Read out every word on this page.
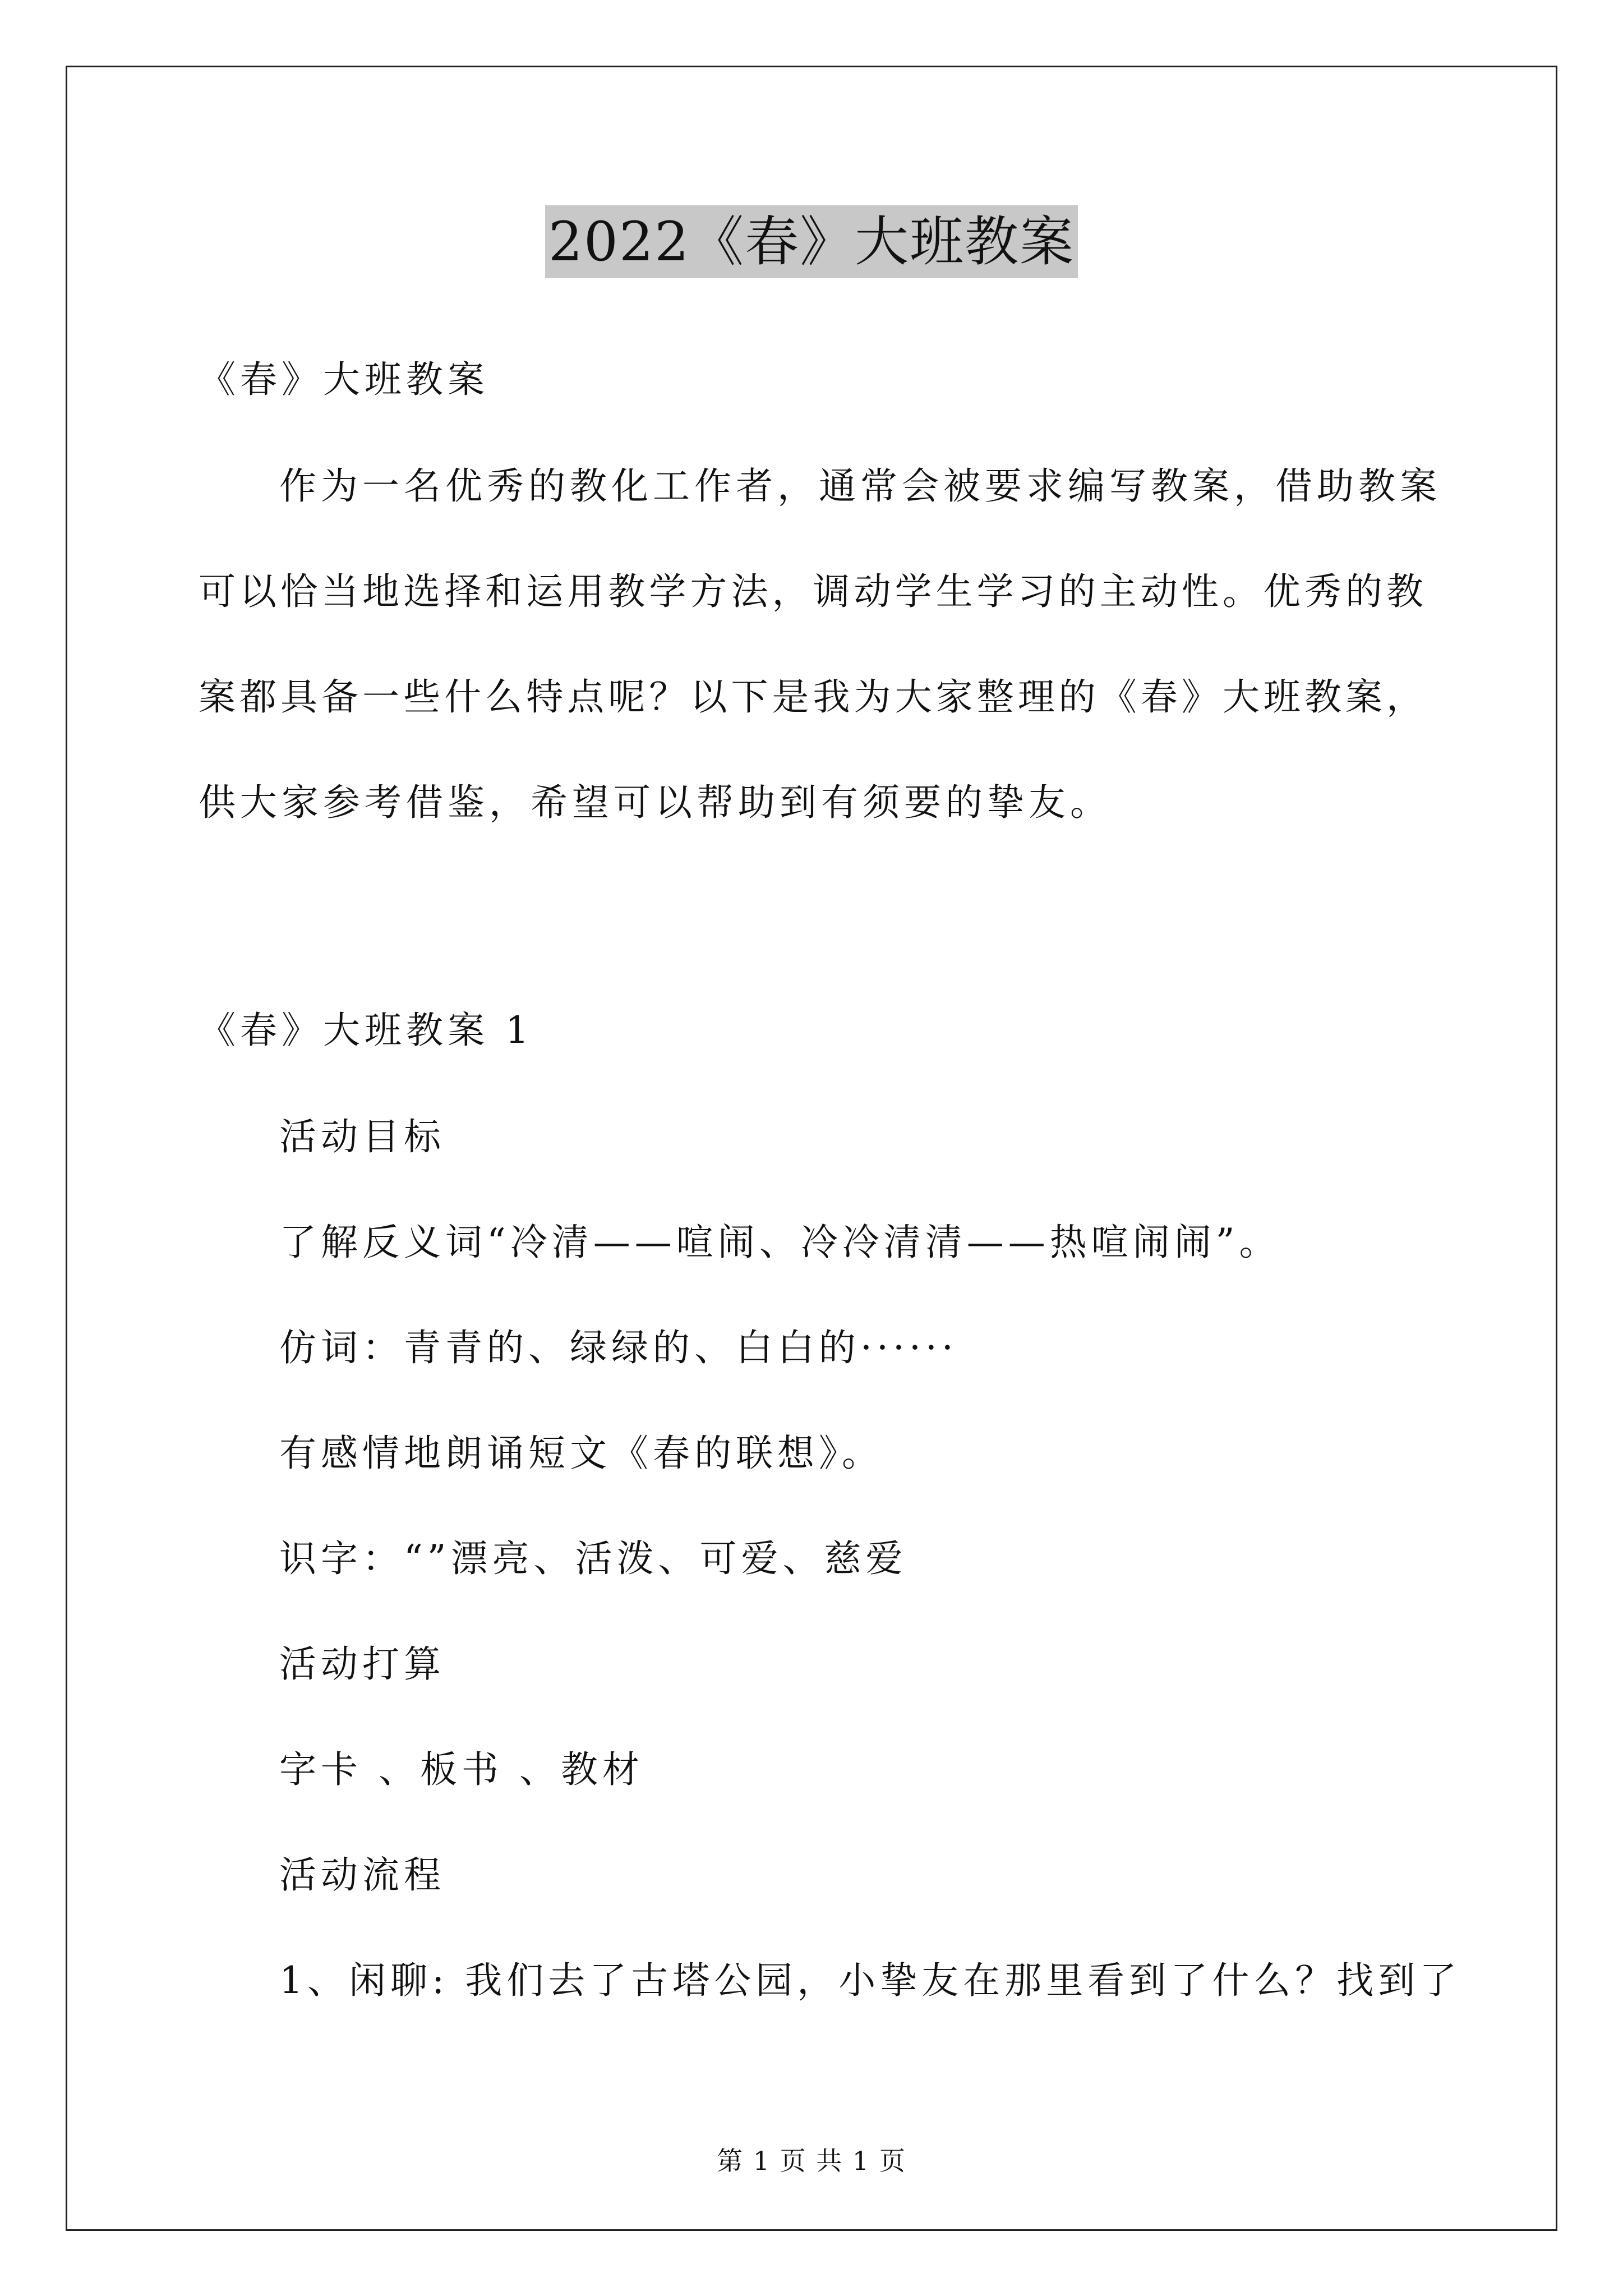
2022《春》大班教案
《春》大班教案
作为一名优秀的教化工作者，通常会被要求编写教案，借助教案
可以恰当地选择和运用教学方法，调动学生学习的主动性。优秀的教
案都具备一些什么特点呢？以下是我为大家整理的《春》大班教案，
供大家参考借鉴，希望可以帮助到有须要的挚友。
《春》大班教案 1
活动目标
了解反义词“冷清——喧闹、冷冷清清——热喧闹闹”。
仿词：青青的、绿绿的、白白的······
有感情地朗诵短文《春的联想》。
识字：“”漂亮、活泼、可爱、慈爱
活动打算
字卡 、板书 、教材
活动流程
1、闲聊: 我们去了古塔公园，小挚友在那里看到了什么？找到了
第 1 页 共 1 页
